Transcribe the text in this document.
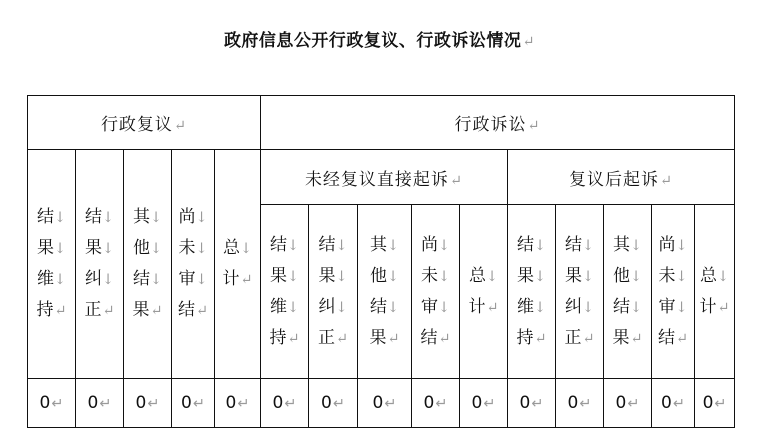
政府信息公开行政复议、行政诉讼情况↵
行政复议↵					行政诉讼↵									

结↓
果↓
维↓
持↵	结↓
果↓
纠↓
正↵	其↓
他↓
结↓
果↵	尚↓
未↓
审↓
结↵	总↓
计↵	未经复议直接起诉↵					复议后起诉↵				

					结↓
果↓
维↓
持↵	结↓
果↓
纠↓
正↵	其↓
他↓
结↓
果↵	尚↓
未↓
审↓
结↵	总↓
计↵	结↓
果↓
维↓
持↵	结↓
果↓
纠↓
正↵	其↓
他↓
结↓
果↵	尚↓
未↓
审↓
结↵	总↓
计↵

0↵	0↵	0↵	0↵	0↵	0↵	0↵	0↵	0↵	0↵	0↵	0↵	0↵	0↵	0↵
